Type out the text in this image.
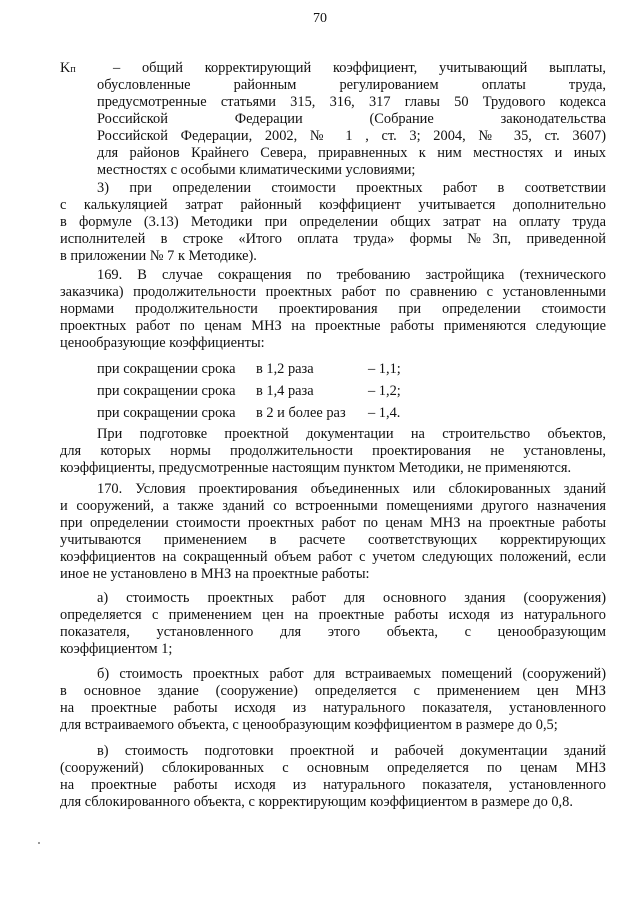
70
Kп	– общий корректирующий коэффициент, учитывающий выплаты,
обусловленные районным регулированием оплаты труда,
предусмотренные статьями 315, 316, 317 главы 50 Трудового кодекса
Российской Федерации (Собрание законодательства
Российской Федерации, 2002, № 1 , ст. 3; 2004, № 35, ст. 3607)
для районов Крайнего Севера, приравненных к ним местностях и иных
местностях с особыми климатическими условиями;
3) при определении стоимости проектных работ в соответствии
с калькуляцией затрат районный коэффициент учитывается дополнительно
в формуле (3.13) Методики при определении общих затрат на оплату труда
исполнителей в строке «Итого оплата труда» формы №3п, приведенной
в приложении № 7 к Методике).
169. В случае сокращения по требованию застройщика (технического
заказчика) продолжительности проектных работ по сравнению с установленными
нормами продолжительности проектирования при определении стоимости
проектных работ по ценам МНЗ на проектные работы применяются следующие
ценообразующие коэффициенты:
при сокращении срока в 1,2 раза	– 1,1;
при сокращении срока в 1,4 раза	– 1,2;
при сокращении срока в 2 и более раз – 1,4.
При подготовке проектной документации на строительство объектов,
для которых нормы продолжительности проектирования не установлены,
коэффициенты, предусмотренные настоящим пунктом Методики, не применяются.
170. Условия проектирования объединенных или сблокированных зданий
и сооружений, а также зданий со встроенными помещениями другого назначения
при определении стоимости проектных работ по ценам МНЗ на проектные работы
учитываются применением в расчете соответствующих корректирующих
коэффициентов на сокращенный объем работ с учетом следующих положений, если
иное не установлено в МНЗ на проектные работы:
а) стоимость проектных работ для основного здания (сооружения)
определяется с применением цен на проектные работы исходя из натурального
показателя, установленного для этого объекта, с ценообразующим
коэффициентом 1;
б) стоимость проектных работ для встраиваемых помещений (сооружений)
в основное здание (сооружение) определяется с применением цен МНЗ
на проектные работы исходя из натурального показателя, установленного
для встраиваемого объекта, с ценообразующим коэффициентом в размере до 0,5;
в) стоимость подготовки проектной и рабочей документации зданий
(сооружений) сблокированных с основным определяется по ценам МНЗ
на проектные работы исходя из натурального показателя, установленного
для сблокированного объекта, с корректирующим коэффициентом в размере до 0,8.
